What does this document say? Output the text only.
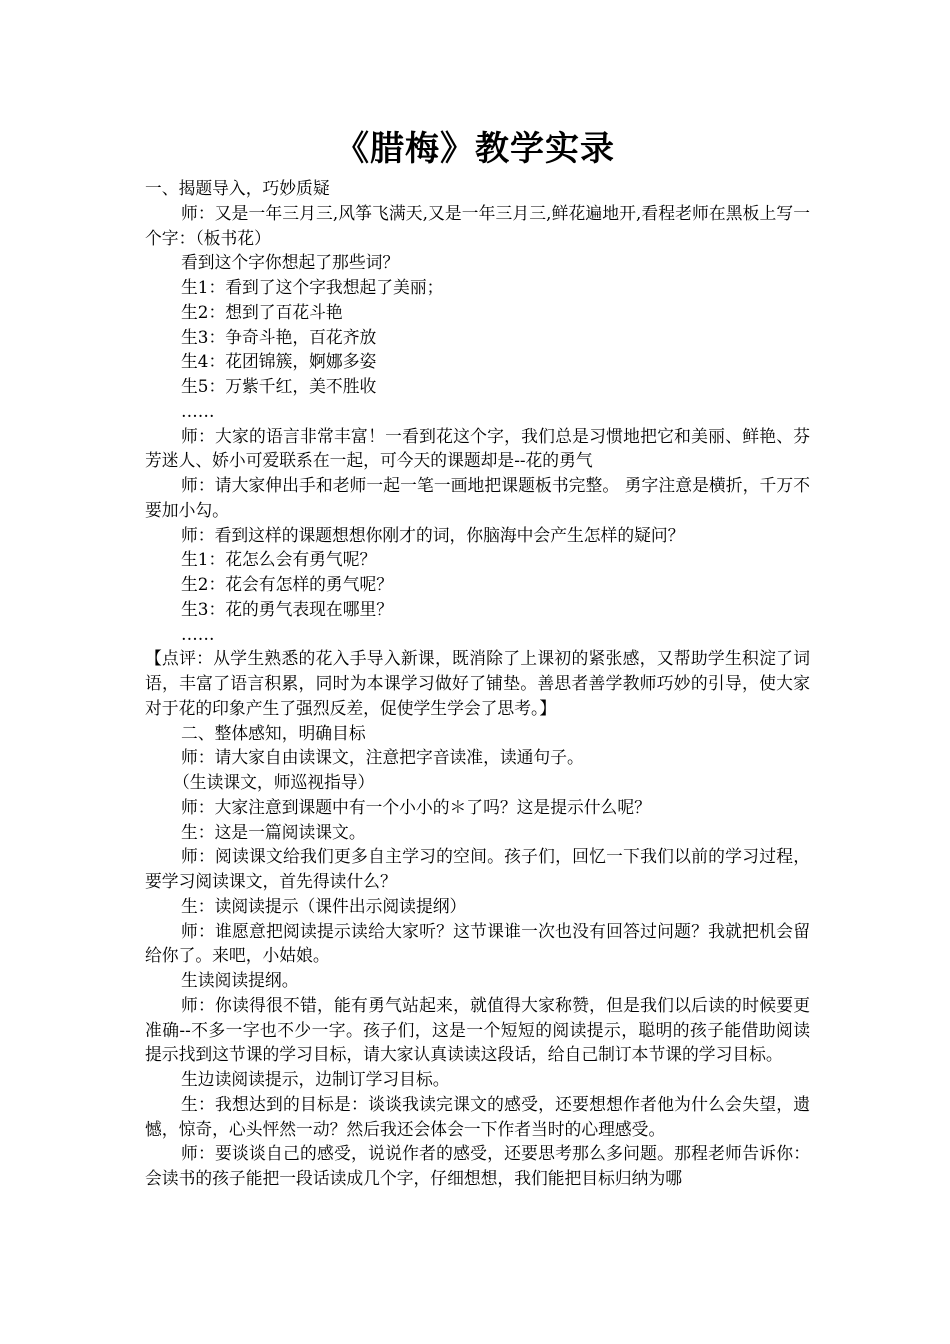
《腊梅》教学实录
一、揭题导入，巧妙质疑
师：又是一年三月三,风筝飞满天,又是一年三月三,鲜花遍地开,看程老师在黑板上写一个字：（板书花）
看到这个字你想起了那些词？
生1：看到了这个字我想起了美丽；
生2：想到了百花斗艳
生3：争奇斗艳，百花齐放
生4：花团锦簇，婀娜多姿
生5：万紫千红，美不胜收
……
师：大家的语言非常丰富！一看到花这个字，我们总是习惯地把它和美丽、鲜艳、芬芳迷人、娇小可爱联系在一起，可今天的课题却是--花的勇气
师：请大家伸出手和老师一起一笔一画地把课题板书完整。 勇字注意是横折，千万不要加小勾。
师：看到这样的课题想想你刚才的词，你脑海中会产生怎样的疑问？
生1：花怎么会有勇气呢？
生2：花会有怎样的勇气呢？
生3：花的勇气表现在哪里？
……
【点评：从学生熟悉的花入手导入新课，既消除了上课初的紧张感，又帮助学生积淀了词语，丰富了语言积累，同时为本课学习做好了铺垫。善思者善学教师巧妙的引导，使大家对于花的印象产生了强烈反差，促使学生学会了思考。】
二、整体感知，明确目标
师：请大家自由读课文，注意把字音读准，读通句子。
（生读课文，师巡视指导）
师：大家注意到课题中有一个小小的＊了吗？这是提示什么呢？
生：这是一篇阅读课文。
师：阅读课文给我们更多自主学习的空间。孩子们，回忆一下我们以前的学习过程，要学习阅读课文，首先得读什么？
生：读阅读提示（课件出示阅读提纲）
师：谁愿意把阅读提示读给大家听？这节课谁一次也没有回答过问题？我就把机会留给你了。来吧，小姑娘。
生读阅读提纲。
师：你读得很不错，能有勇气站起来，就值得大家称赞，但是我们以后读的时候要更准确--不多一字也不少一字。孩子们，这是一个短短的阅读提示，聪明的孩子能借助阅读提示找到这节课的学习目标，请大家认真读读这段话，给自己制订本节课的学习目标。
生边读阅读提示，边制订学习目标。
生：我想达到的目标是：谈谈我读完课文的感受，还要想想作者他为什么会失望，遗憾，惊奇，心头怦然一动？然后我还会体会一下作者当时的心理感受。
师：要谈谈自己的感受，说说作者的感受，还要思考那么多问题。那程老师告诉你：会读书的孩子能把一段话读成几个字，仔细想想，我们能把目标归纳为哪
